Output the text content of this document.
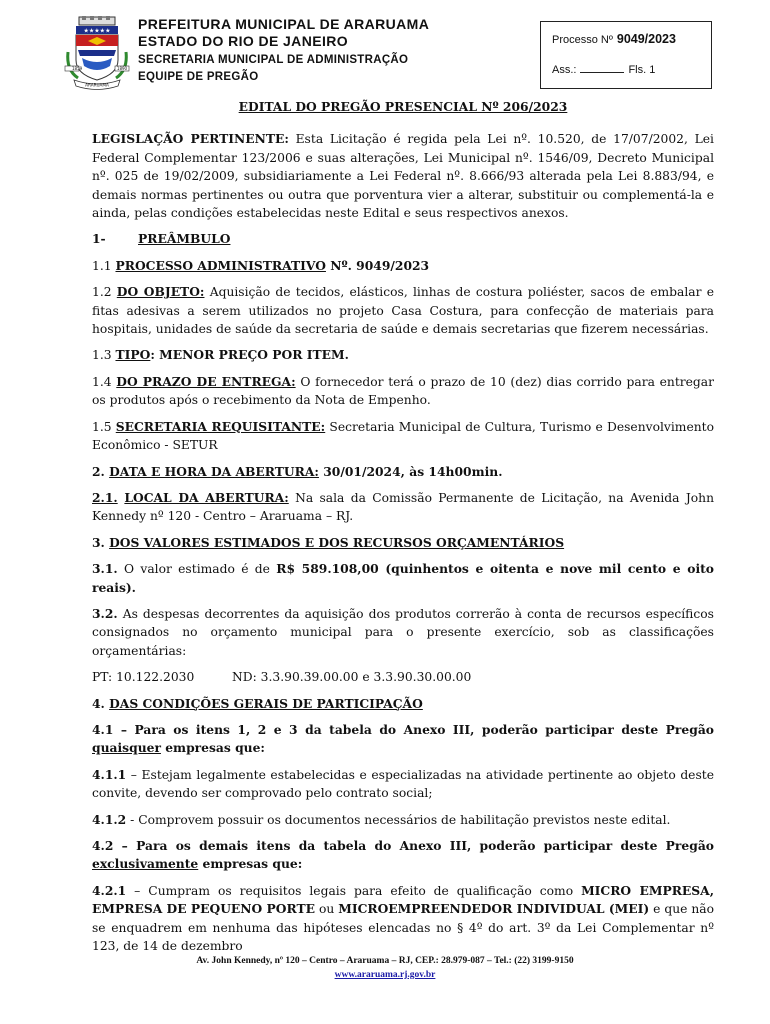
★★★★★
1859	1890
ARARUAMA
PREFEITURA MUNICIPAL DE ARARUAMA
ESTADO DO RIO DE JANEIRO
SECRETARIA MUNICIPAL DE ADMINISTRAÇÃO
EQUIPE DE PREGÃO
Processo Nº 9049/2023
Ass.:	Fls. 1

EDITAL DO PREGÃO PRESENCIAL Nº 206/2023

LEGISLAÇÃO PERTINENTE: Esta Licitação é regida pela Lei nº. 10.520, de 17/07/2002, Lei Federal Complementar 123/2006 e suas alterações, Lei Municipal nº. 1546/09, Decreto Municipal nº. 025 de 19/02/2009, subsidiariamente a Lei Federal nº. 8.666/93 alterada pela Lei 8.883/94, e demais normas pertinentes ou outra que porventura vier a alterar, substituir ou complementá-la e ainda, pelas condições estabelecidas neste Edital e seus respectivos anexos.

1-	PREÂMBULO

1.1 PROCESSO ADMINISTRATIVO Nº. 9049/2023

1.2 DO OBJETO: Aquisição de tecidos, elásticos, linhas de costura poliéster, sacos de embalar e fitas adesivas a serem utilizados no projeto Casa Costura, para confecção de materiais para hospitais, unidades de saúde da secretaria de saúde e demais secretarias que fizerem necessárias.

1.3 TIPO: MENOR PREÇO POR ITEM.

1.4 DO PRAZO DE ENTREGA: O fornecedor terá o prazo de 10 (dez) dias corrido para entregar os produtos após o recebimento da Nota de Empenho.

1.5 SECRETARIA REQUISITANTE: Secretaria Municipal de Cultura, Turismo e Desenvolvimento Econômico - SETUR

2. DATA E HORA DA ABERTURA: 30/01/2024, às 14h00min.

2.1. LOCAL DA ABERTURA: Na sala da Comissão Permanente de Licitação, na Avenida John Kennedy nº 120 - Centro – Araruama – RJ.

3. DOS VALORES ESTIMADOS E DOS RECURSOS ORÇAMENTÁRIOS

3.1. O valor estimado é de R$ 589.108,00 (quinhentos e oitenta e nove mil cento e oito reais).

3.2. As despesas decorrentes da aquisição dos produtos correrão à conta de recursos específicos consignados no orçamento municipal para o presente exercício, sob as classificações orçamentárias:

PT: 10.122.2030	ND: 3.3.90.39.00.00 e 3.3.90.30.00.00

4. DAS CONDIÇÕES GERAIS DE PARTICIPAÇÃO

4.1 – Para os itens 1, 2 e 3 da tabela do Anexo III, poderão participar deste Pregão quaisquer empresas que:

4.1.1 – Estejam legalmente estabelecidas e especializadas na atividade pertinente ao objeto deste convite, devendo ser comprovado pelo contrato social;

4.1.2 - Comprovem possuir os documentos necessários de habilitação previstos neste edital.

4.2 – Para os demais itens da tabela do Anexo III, poderão participar deste Pregão exclusivamente empresas que:

4.2.1 – Cumpram os requisitos legais para efeito de qualificação como MICRO EMPRESA, EMPRESA DE PEQUENO PORTE ou MICROEMPREENDEDOR INDIVIDUAL (MEI) e que não se enquadrem em nenhuma das hipóteses elencadas no § 4º do art. 3º da Lei Complementar nº 123, de 14 de dezembro

Av. John Kennedy, nº 120 – Centro – Araruama – RJ, CEP.: 28.979-087 – Tel.: (22) 3199-9150
www.araruama.rj.gov.br
